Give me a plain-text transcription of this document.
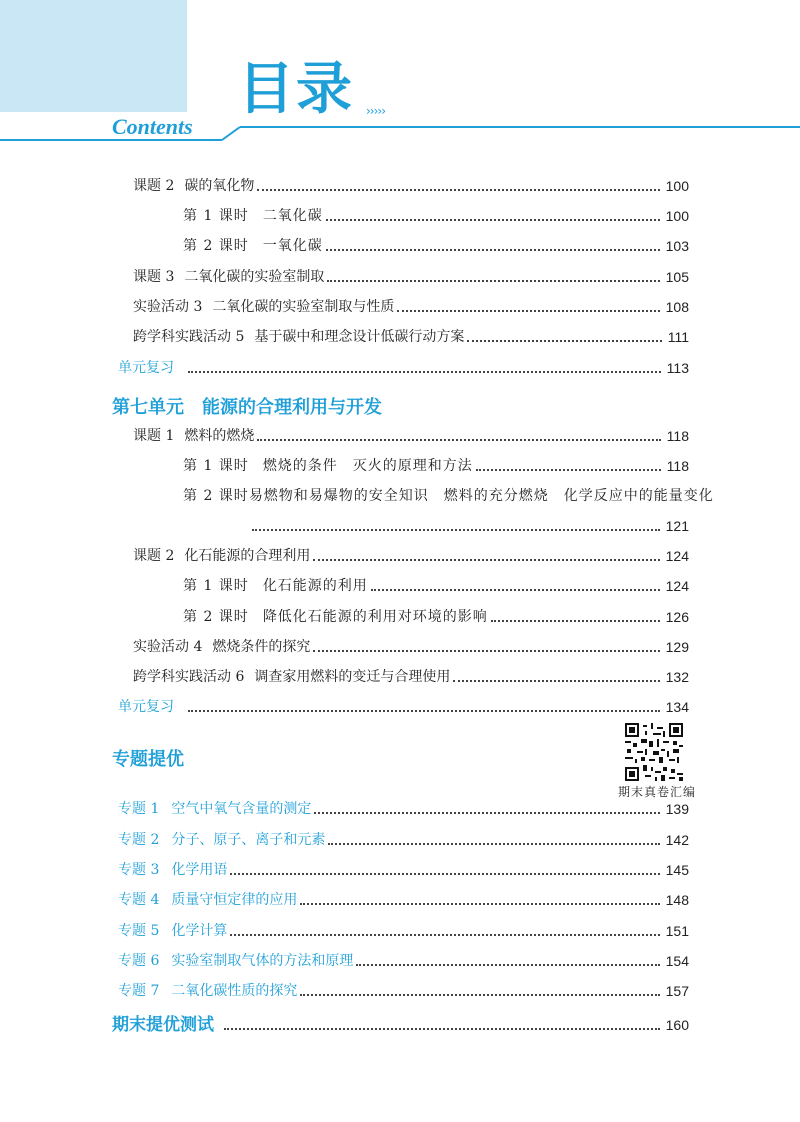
目录 ›››››
Contents
课题 2 碳的氧化物	100
第 1 课时 二氧化碳	100
第 2 课时 一氧化碳	103
课题 3 二氧化碳的实验室制取	105
实验活动 3 二氧化碳的实验室制取与性质	108
跨学科实践活动 5 基于碳中和理念设计低碳行动方案	111
单元复习	113
第七单元　能源的合理利用与开发
课题 1 燃料的燃烧	118
第 1 课时 燃烧的条件　灭火的原理和方法	118
第 2 课时 易燃物和易爆物的安全知识　燃料的充分燃烧　化学反应中的能量变化
121
课题 2 化石能源的合理利用	124
第 1 课时 化石能源的利用	124
第 2 课时 降低化石能源的利用对环境的影响	126
实验活动 4 燃烧条件的探究	129
跨学科实践活动 6 调查家用燃料的变迁与合理使用	132
单元复习	134
专题提优
期末真卷汇编
专题 1 空气中氧气含量的测定	139
专题 2 分子、原子、离子和元素	142
专题 3 化学用语	145
专题 4 质量守恒定律的应用	148
专题 5 化学计算	151
专题 6 实验室制取气体的方法和原理	154
专题 7 二氧化碳性质的探究	157
期末提优测试	160
